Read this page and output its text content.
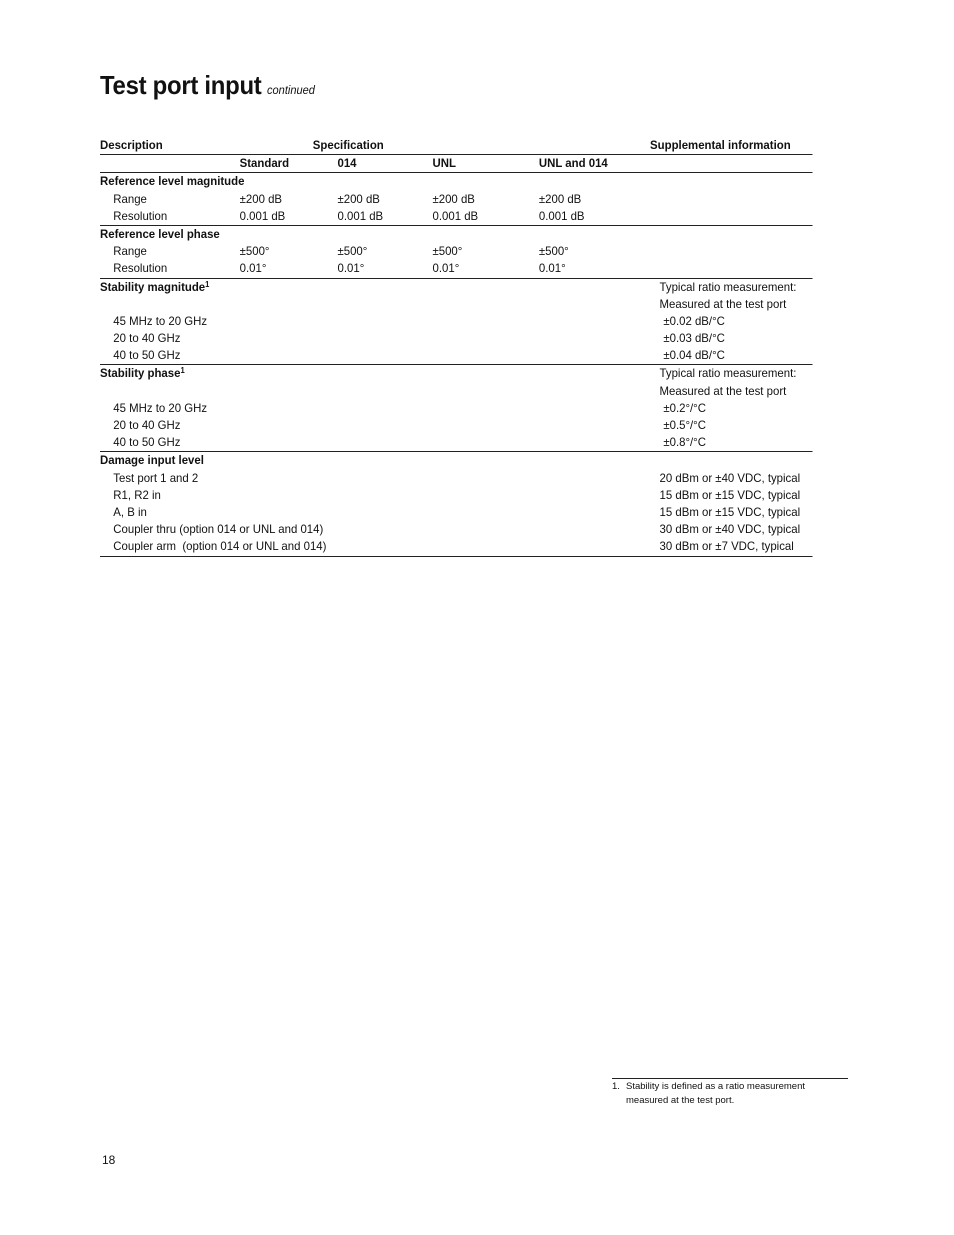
Test port input continued
Description	Specification	Supplemental information
Standard	014	UNL	UNL and 014
Reference level magnitude
Range	±200 dB	±200 dB	±200 dB	±200 dB
Resolution	0.001 dB	0.001 dB	0.001 dB	0.001 dB
Reference level phase
Range	±500°	±500°	±500°	±500°
Resolution	0.01°	0.01°	0.01°	0.01°
Stability magnitude$^1$	Typical ratio measurement:
Measured at the test port
45 MHz to 20 GHz	±0.02 dB/°C
20 to 40 GHz	±0.03 dB/°C
40 to 50 GHz	±0.04 dB/°C
Stability phase$^1$	Typical ratio measurement:
Measured at the test port
45 MHz to 20 GHz	±0.2°/°C
20 to 40 GHz	±0.5°/°C
40 to 50 GHz	±0.8°/°C
Damage input level
Test port 1 and 2	20 dBm or ±40 VDC, typical
R1, R2 in	15 dBm or ±15 VDC, typical
A, B in	15 dBm or ±15 VDC, typical
Coupler thru (option 014 or UNL and 014)	30 dBm or ±40 VDC, typical
Coupler arm  (option 014 or UNL and 014)	30 dBm or ±7 VDC, typical
1. Stability is defined as a ratio measurement measured at the test port.
18
